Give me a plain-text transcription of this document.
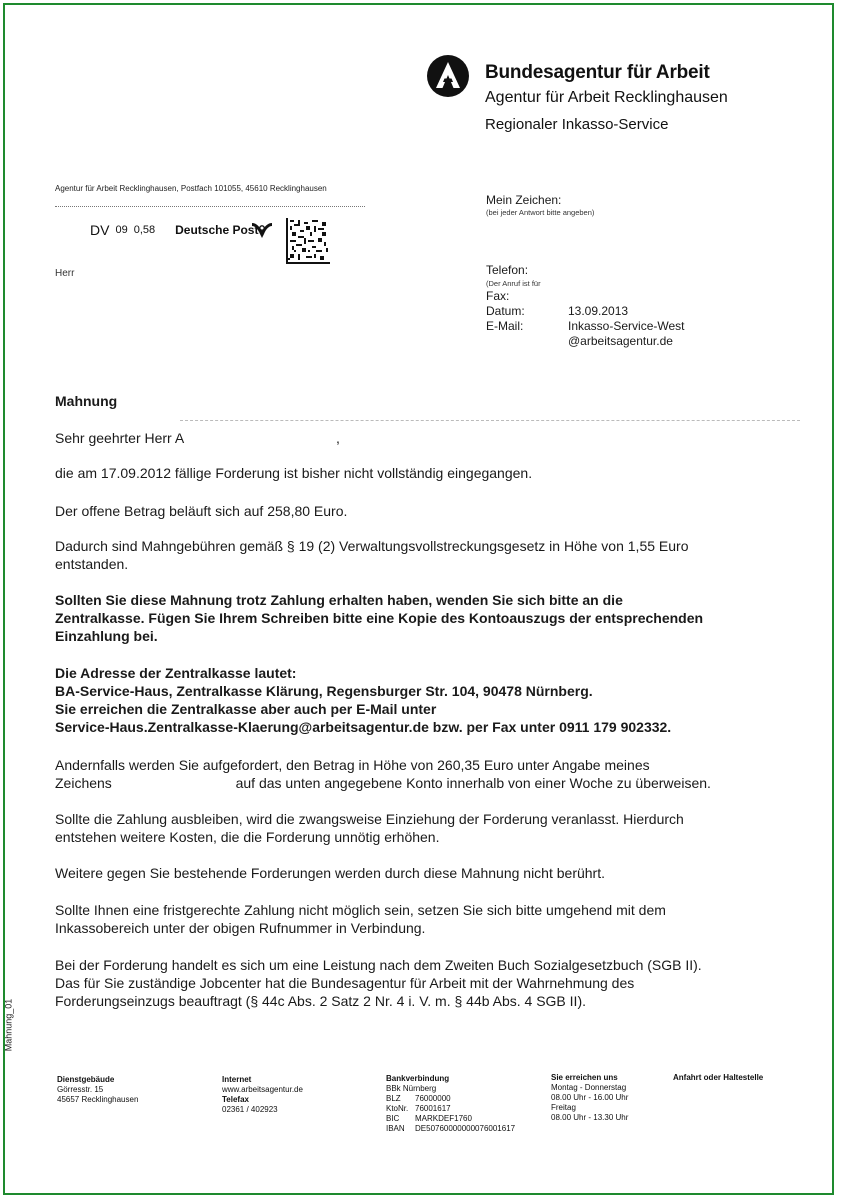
Bundesagentur für Arbeit
Agentur für Arbeit Recklinghausen
Regionaler Inkasso-Service
Agentur für Arbeit Recklinghausen, Postfach 101055, 45610 Recklinghausen
DV 09 0,58 Deutsche Post
Herr
Mein Zeichen:
(bei jeder Antwort bitte angeben)
Telefon:
(Der Anruf ist für
Fax:
Datum:	13.09.2013
E-Mail:	Inkasso-Service-West
@arbeitsagentur.de
Mahnung
Sehr geehrter Herr A	,
die am 17.09.2012 fällige Forderung ist bisher nicht vollständig eingegangen.
Der offene Betrag beläuft sich auf 258,80 Euro.
Dadurch sind Mahngebühren gemäß § 19 (2) Verwaltungsvollstreckungsgesetz in Höhe von 1,55 Euro
entstanden.
Sollten Sie diese Mahnung trotz Zahlung erhalten haben, wenden Sie sich bitte an die
Zentralkasse. Fügen Sie Ihrem Schreiben bitte eine Kopie des Kontoauszugs der entsprechenden
Einzahlung bei.
Die Adresse der Zentralkasse lautet:
BA-Service-Haus, Zentralkasse Klärung, Regensburger Str. 104, 90478 Nürnberg.
Sie erreichen die Zentralkasse aber auch per E-Mail unter
Service-Haus.Zentralkasse-Klaerung@arbeitsagentur.de bzw. per Fax unter 0911 179 902332.
Andernfalls werden Sie aufgefordert, den Betrag in Höhe von 260,35 Euro unter Angabe meines
Zeichens	auf das unten angegebene Konto innerhalb von einer Woche zu überweisen.
Sollte die Zahlung ausbleiben, wird die zwangsweise Einziehung der Forderung veranlasst. Hierdurch
entstehen weitere Kosten, die die Forderung unnötig erhöhen.
Weitere gegen Sie bestehende Forderungen werden durch diese Mahnung nicht berührt.
Sollte Ihnen eine fristgerechte Zahlung nicht möglich sein, setzen Sie sich bitte umgehend mit dem
Inkassobereich unter der obigen Rufnummer in Verbindung.
Bei der Forderung handelt es sich um eine Leistung nach dem Zweiten Buch Sozialgesetzbuch (SGB II).
Das für Sie zuständige Jobcenter hat die Bundesagentur für Arbeit mit der Wahrnehmung des
Forderungseinzugs beauftragt (§ 44c Abs. 2 Satz 2 Nr. 4 i. V. m. § 44b Abs. 4 SGB II).
Mahnung_01
Dienstgebäude
Görresstr. 15
45657 Recklinghausen
Internet
www.arbeitsagentur.de
Telefax
02361 / 402923
Bankverbindung
BBk Nürnberg
BLZ	76000000
KtoNr.	76001617
BIC	MARKDEF1760
IBAN	DE50760000000076001617
Sie erreichen uns
Montag - Donnerstag
08.00 Uhr - 16.00 Uhr
Freitag
08.00 Uhr - 13.30 Uhr
Anfahrt oder Haltestelle
